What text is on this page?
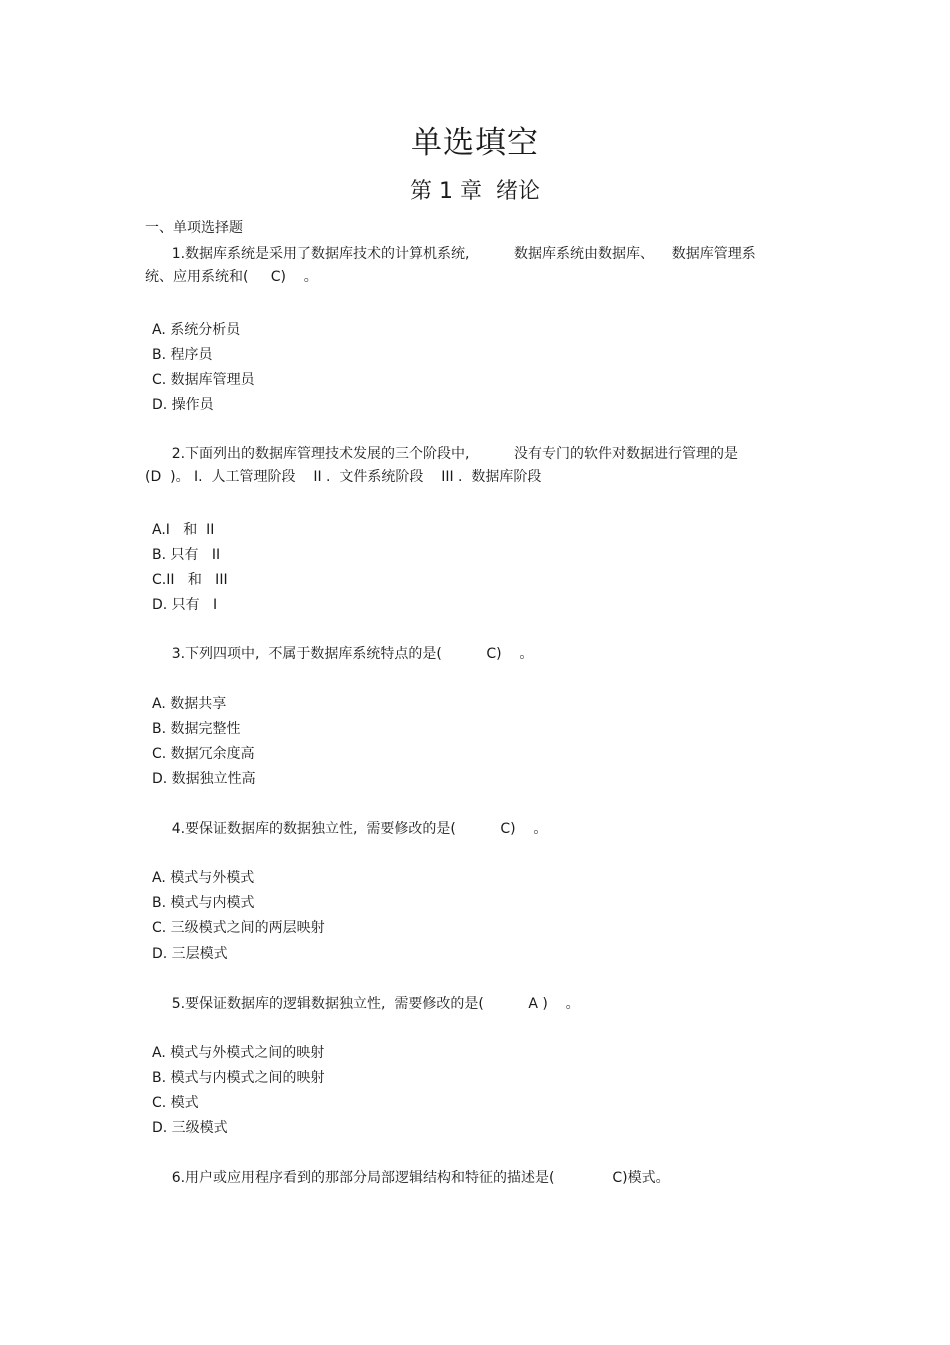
单选填空
第 1 章  绪论
一、单项选择题
1.数据库系统是采用了数据库技术的计算机系统,          数据库系统由数据库、    数据库管理系
统、应用系统和(     C)    。
A. 系统分析员
B. 程序员
C. 数据库管理员
D. 操作员
2.下面列出的数据库管理技术发展的三个阶段中,          没有专门的软件对数据进行管理的是
(D  )。 I.  人工管理阶段    II .  文件系统阶段    III .  数据库阶段
A.I   和  II
B. 只有   II
C.II   和   III
D. 只有   I
3.下列四项中,  不属于数据库系统特点的是(          C)    。
A. 数据共享
B. 数据完整性
C. 数据冗余度高
D. 数据独立性高
4.要保证数据库的数据独立性,  需要修改的是(          C)    。
A. 模式与外模式
B. 模式与内模式
C. 三级模式之间的两层映射
D. 三层模式
5.要保证数据库的逻辑数据独立性,  需要修改的是(          A )    。
A. 模式与外模式之间的映射
B. 模式与内模式之间的映射
C. 模式
D. 三级模式
6.用户或应用程序看到的那部分局部逻辑结构和特征的描述是(             C)模式。
